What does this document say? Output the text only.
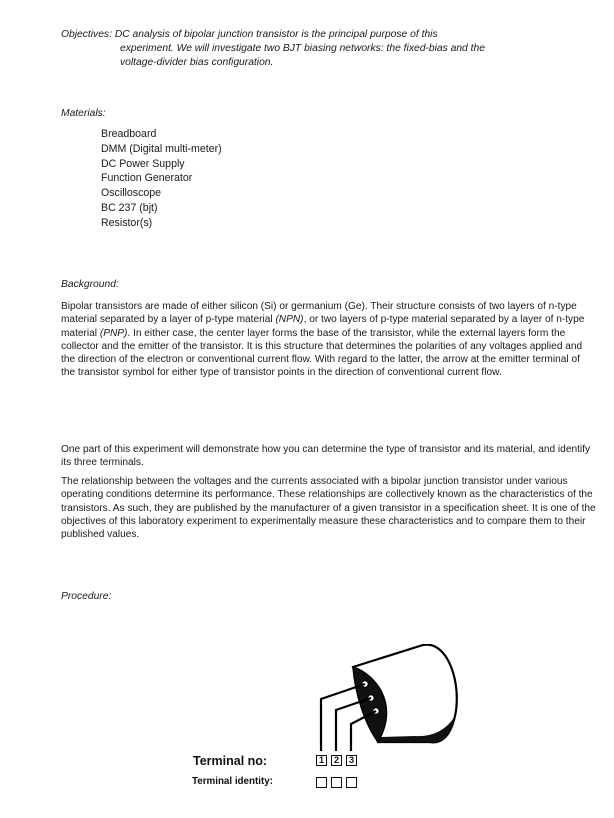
Objectives: DC analysis of bipolar junction transistor is the principal purpose of this
experiment. We will investigate two BJT biasing networks: the fixed-bias and the
voltage-divider bias configuration.
Materials:
Breadboard
DMM (Digital multi-meter)
DC Power Supply
Function Generator
Oscilloscope
BC 237 (bjt)
Resistor(s)
Background:

Bipolar transistors are made of either silicon (Si) or germanium (Ge). Their structure consists of two layers of n-type material separated by a layer of p-type material (NPN), or two layers of p-type material separated by a layer of n-type material (PNP). In either case, the center layer forms the base of the transistor, while the external layers form the collector and the emitter of the transistor. It is this structure that determines the polarities of any voltages applied and the direction of the electron or conventional current flow. With regard to the latter, the arrow at the emitter terminal of the transistor symbol for either type of transistor points in the direction of conventional current flow.

One part of this experiment will demonstrate how you can determine the type of transistor and its material, and identify its three terminals.

The relationship between the voltages and the currents associated with a bipolar junction transistor under various operating conditions determine its performance. These relationships are collectively known as the characteristics of the transistors. As such, they are published by the manufacturer of a given transistor in a specification sheet. It is one of the objectives of this laboratory experiment to experimentally measure these characteristics and to compare them to their published values.

Procedure:
Terminal no:	1	2	3
Terminal identity:
